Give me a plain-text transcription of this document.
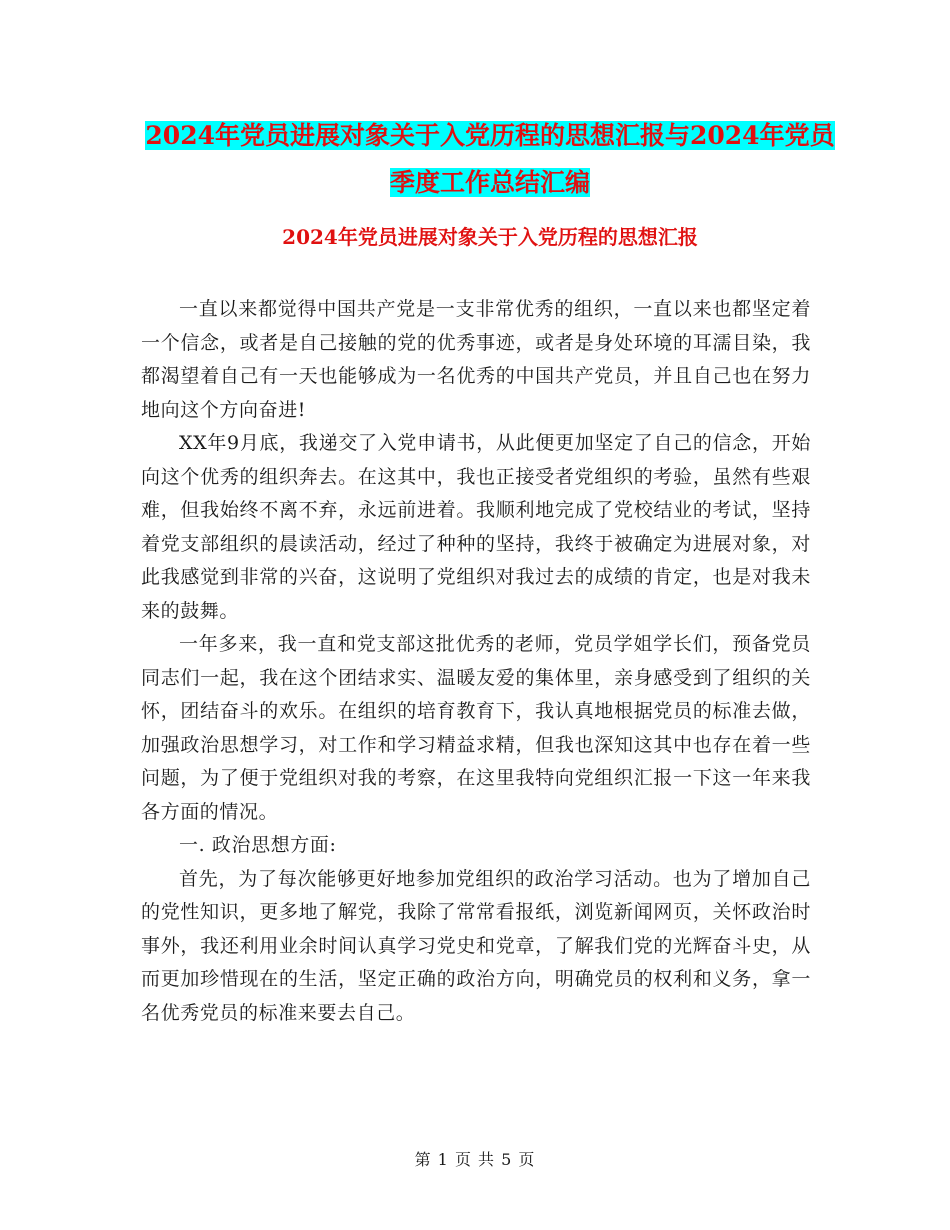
2024年党员进展对象关于入党历程的思想汇报与2024年党员季度工作总结汇编
2024年党员进展对象关于入党历程的思想汇报

一直以来都觉得中国共产党是一支非常优秀的组织，一直以来也都坚定着一个信念，或者是自己接触的党的优秀事迹，或者是身处环境的耳濡目染，我都渴望着自己有一天也能够成为一名优秀的中国共产党员，并且自己也在努力地向这个方向奋进!

XX年9月底，我递交了入党申请书，从此便更加坚定了自己的信念，开始向这个优秀的组织奔去。在这其中，我也正接受者党组织的考验，虽然有些艰难，但我始终不离不弃，永远前进着。我顺利地完成了党校结业的考试，坚持着党支部组织的晨读活动，经过了种种的坚持，我终于被确定为进展对象，对此我感觉到非常的兴奋，这说明了党组织对我过去的成绩的肯定，也是对我未来的鼓舞。

一年多来，我一直和党支部这批优秀的老师，党员学姐学长们，预备党员同志们一起，我在这个团结求实、温暖友爱的集体里，亲身感受到了组织的关怀，团结奋斗的欢乐。在组织的培育教育下，我认真地根据党员的标准去做，加强政治思想学习，对工作和学习精益求精，但我也深知这其中也存在着一些问题，为了便于党组织对我的考察，在这里我特向党组织汇报一下这一年来我各方面的情况。

一. 政治思想方面:

首先，为了每次能够更好地参加党组织的政治学习活动。也为了增加自己的党性知识，更多地了解党，我除了常常看报纸，浏览新闻网页，关怀政治时事外，我还利用业余时间认真学习党史和党章，了解我们党的光辉奋斗史，从而更加珍惜现在的生活，坚定正确的政治方向，明确党员的权利和义务，拿一名优秀党员的标准来要去自己。

第 1 页 共 5 页
